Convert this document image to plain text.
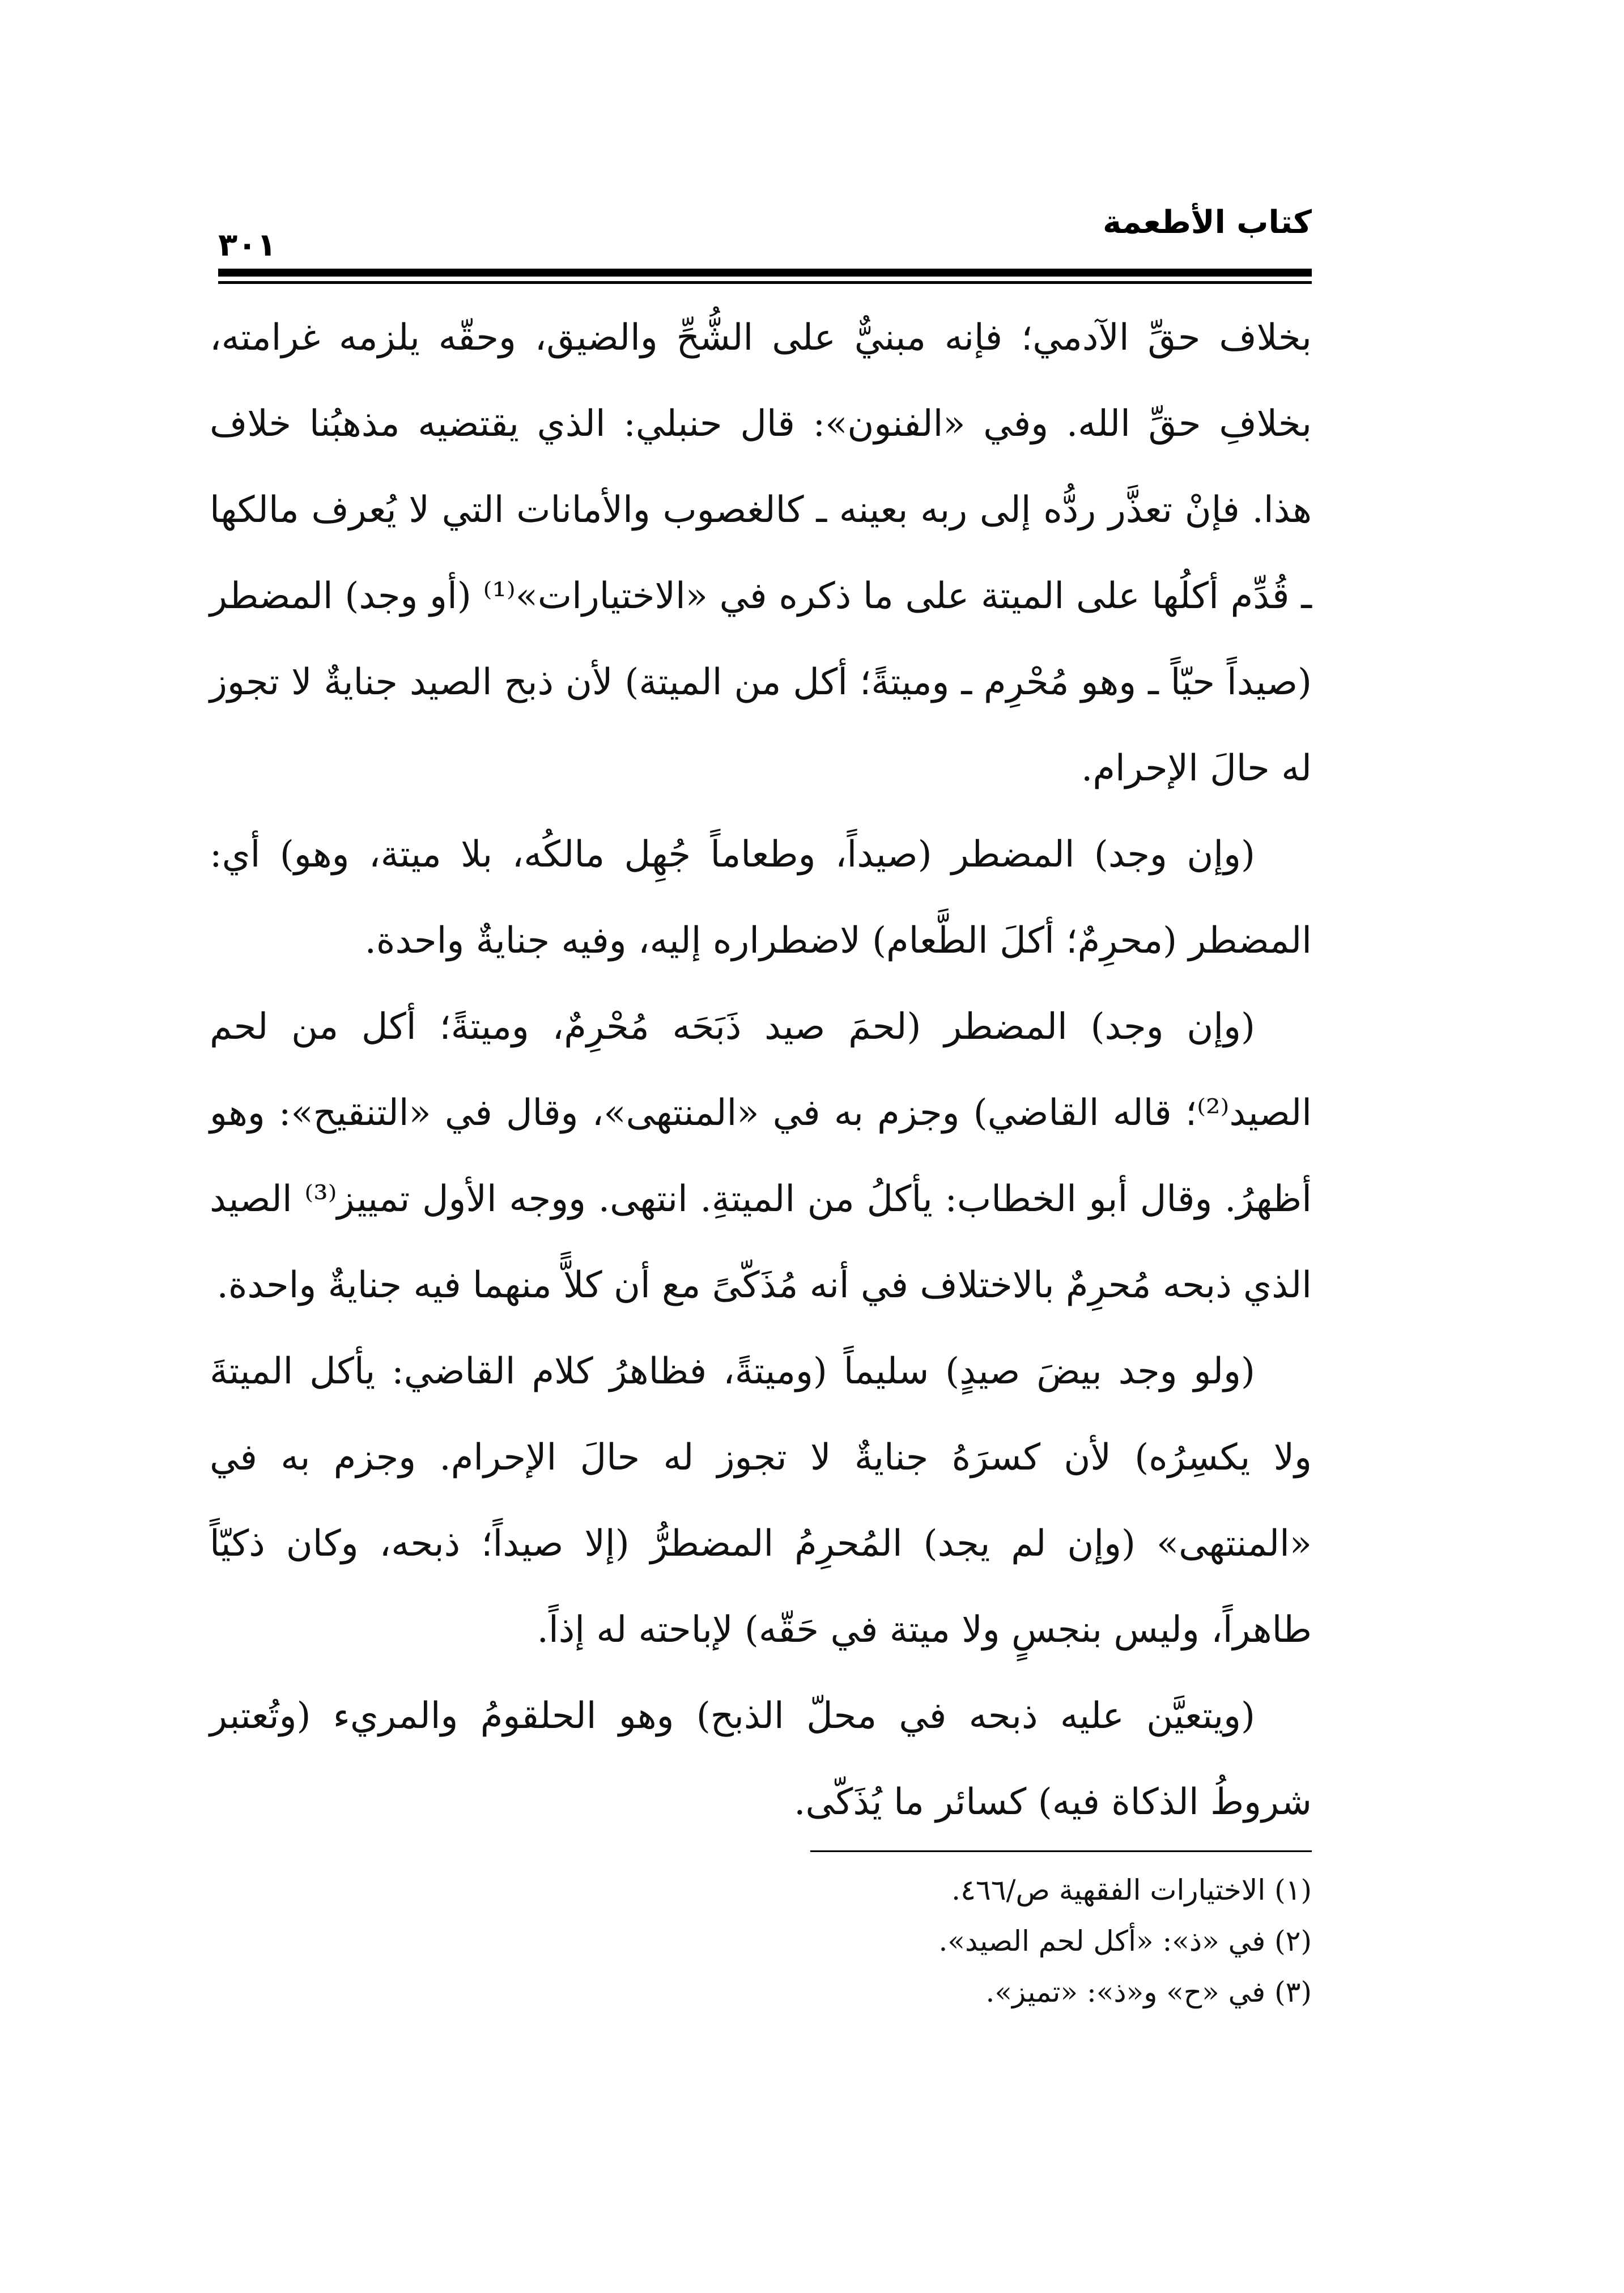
كتاب الأطعمة
٣٠١

بخلاف حقِّ الآدمي؛ فإنه مبنيٌّ على الشُّحِّ والضيق، وحقّه يلزمه غرامته، بخلافِ حقِّ الله. وفي «الفنون»: قال حنبلي: الذي يقتضيه مذهبُنا خلاف هذا. فإنْ تعذَّر ردُّه إلى ربه بعينه ـ كالغصوب والأمانات التي لا يُعرف مالكها ـ قُدِّم أكلُها على الميتة على ما ذكره في «الاختيارات»⁽¹⁾ (أو وجد) المضطر (صيداً حيّاً ـ وهو مُحْرِم ـ وميتةً؛ أكل من الميتة) لأن ذبح الصيد جنايةٌ لا تجوز له حالَ الإحرام.

(وإن وجد) المضطر (صيداً، وطعاماً جُهِل مالكُه، بلا ميتة، وهو) أي: المضطر (محرِمٌ؛ أكلَ الطَّعام) لاضطراره إليه، وفيه جنايةٌ واحدة.

(وإن وجد) المضطر (لحمَ صيد ذَبَحَه مُحْرِمٌ، وميتةً؛ أكل من لحم الصيد⁽²⁾؛ قاله القاضي) وجزم به في «المنتهى»، وقال في «التنقيح»: وهو أظهرُ. وقال أبو الخطاب: يأكلُ من الميتةِ. انتهى. ووجه الأول تمييز⁽³⁾ الصيد الذي ذبحه مُحرِمٌ بالاختلاف في أنه مُذَكّىً مع أن كلاًّ منهما فيه جنايةٌ واحدة.

(ولو وجد بيضَ صيدٍ) سليماً (وميتةً، فظاهرُ كلام القاضي: يأكل الميتةَ ولا يكسِرُه) لأن كسرَهُ جنايةٌ لا تجوز له حالَ الإحرام. وجزم به في «المنتهى» (وإن لم يجد) المُحرِمُ المضطرُّ (إلا صيداً؛ ذبحه، وكان ذكيّاً طاهراً، وليس بنجسٍ ولا ميتة في حَقّه) لإباحته له إذاً.

(ويتعيَّن عليه ذبحه في محلّ الذبح) وهو الحلقومُ والمريء (وتُعتبر شروطُ الذكاة فيه) كسائر ما يُذَكّى.

(١) الاختيارات الفقهية ص/٤٦٦.
(٢) في «ذ»: «أكل لحم الصيد».
(٣) في «ح» و«ذ»: «تميز».
